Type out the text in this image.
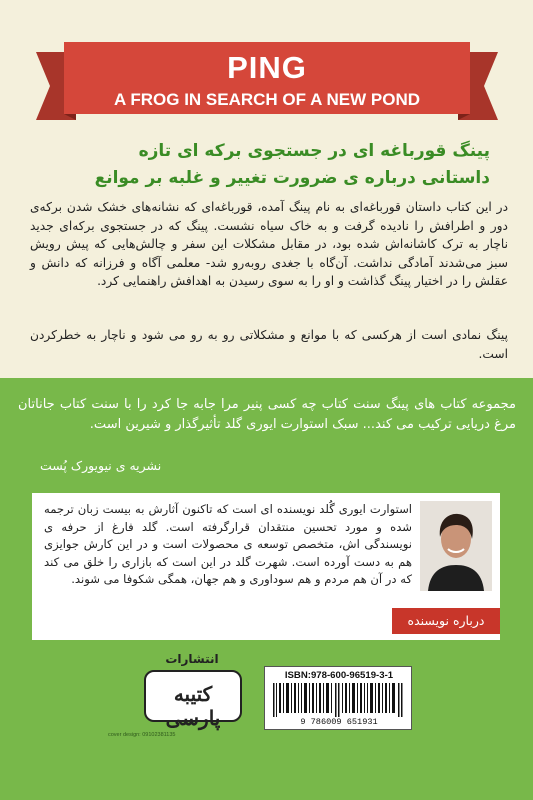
PING
A FROG IN SEARCH OF A NEW POND
پینگ قورباغه ای در جستجوی برکه ای تازه
داستانی درباره ی ضرورت تغییر و غلبه بر موانع
در این کتاب داستان قورباغه‌ای به نام پینگ آمده، قورباغه‌ای که نشانه‌های خشک شدن برکه‌ی دور و اطرافش را نادیده گرفت و به خاک سیاه نشست. پینگ که در جستجوی برکه‌ای جدید ناچار به ترک کاشانه‌اش شده بود، در مقابل مشکلات این سفر و چالش‌هایی که پیش رویش سبز می‌شدند آمادگی نداشت. آن‌گاه با جغدی روبه‌رو شد- معلمی آگاه و فرزانه که دانش و عقلش را در اختیار پینگ گذاشت و او را به سوی رسیدن به اهدافش راهنمایی کرد.
پینگ نمادی است از هرکسی که با موانع و مشکلاتی رو به رو می شود و ناچار به خطرکردن است.
مجموعه کتاب های پینگ سنت کتاب چه کسی پنیر مرا جابه جا کرد را با سنت کتاب جاناتان مرغ دریایی ترکیب می کند... سبک استوارت ایوری گلد تأثیرگذار و شیرین است.
نشریه ی نیویورک پُست
استوارت ایوری گُلد نویسنده ای است که تاکنون آثارش به بیست زبان ترجمه شده و مورد تحسین منتقدان قرارگرفته است. گلد فارغ از حرفه ی نویسندگی اش، متخصص توسعه ی محصولات است و در این کارش جوایزی هم به دست آورده است. شهرت گلد در این است که بازاری را خلق می کند که در آن هم مردم و هم سوداوری و هم جهان، همگی شکوفا می شوند.
درباره نویسنده
انتشارات
کتیبه پارسی
ISBN:978-600-96519-3-1
9 786009 651931
cover design: 09102381135
